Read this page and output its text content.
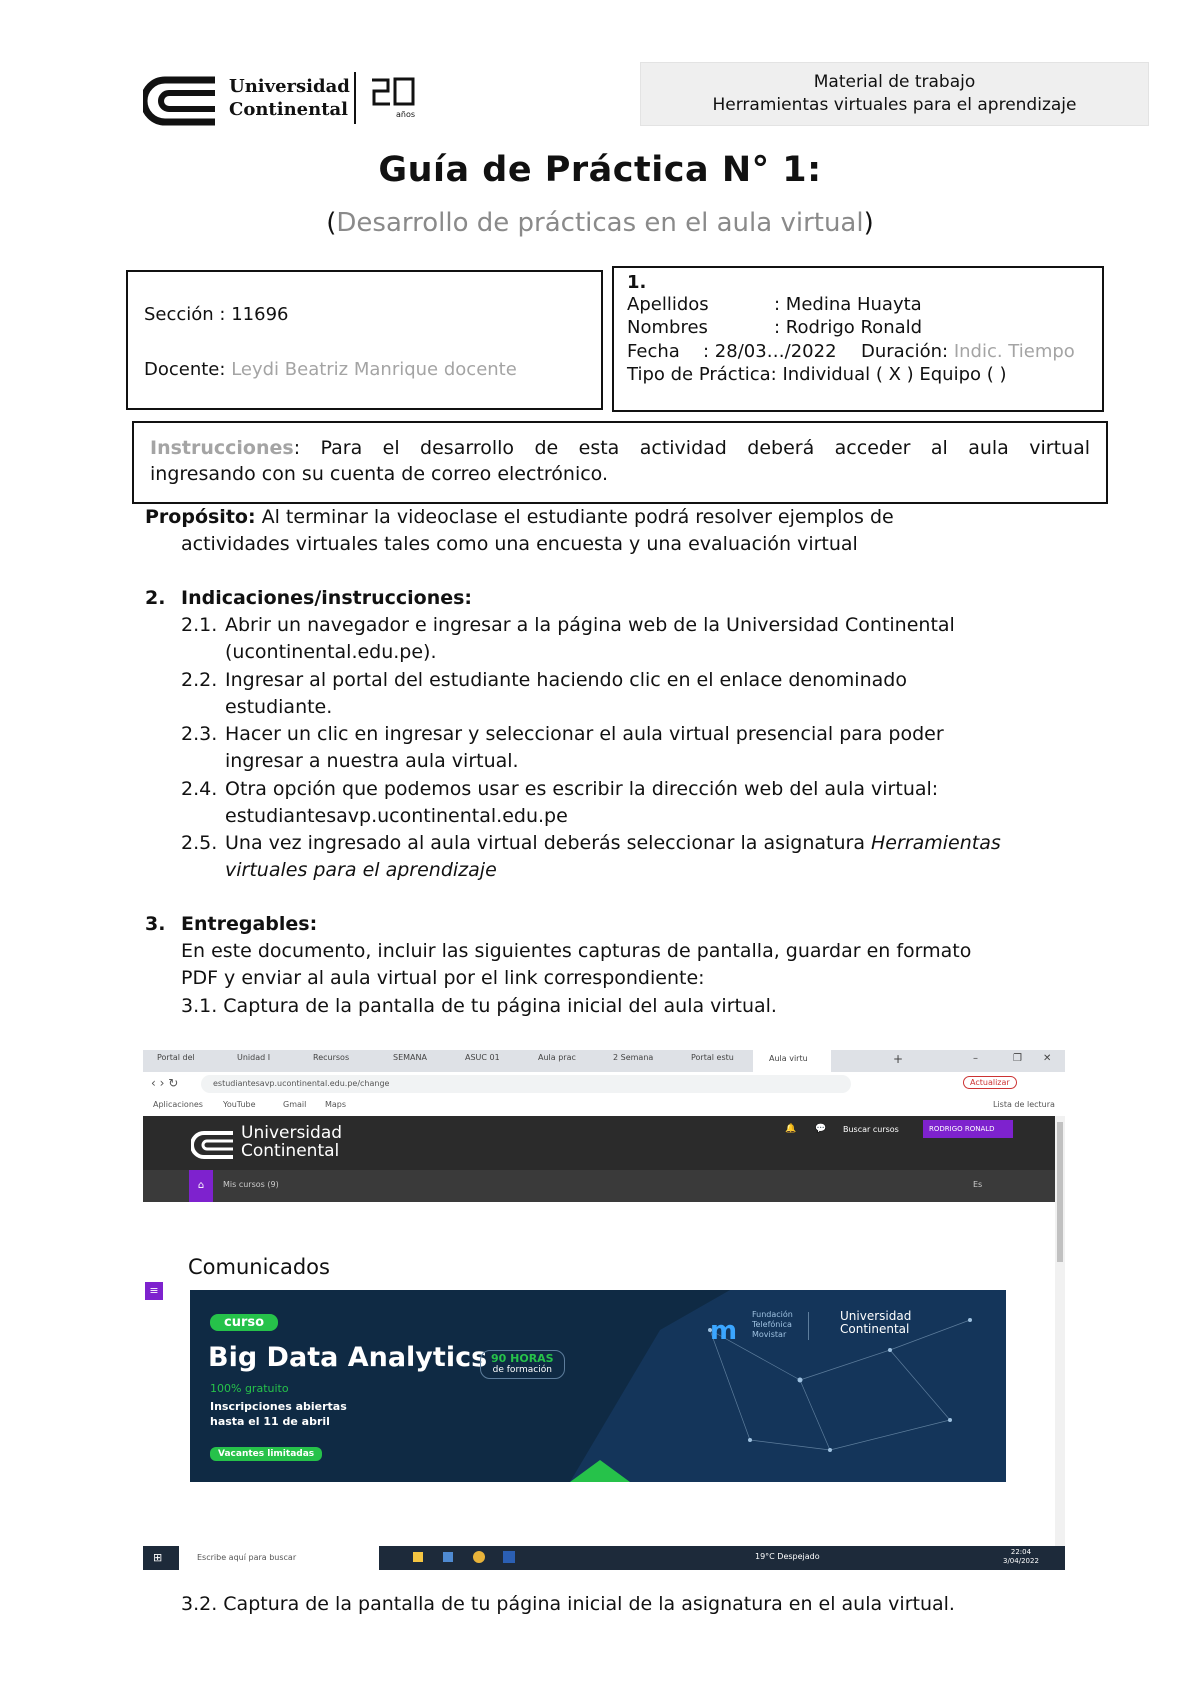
Universidad
Continental	años
Material de trabajo
Herramientas virtuales para el aprendizaje
Guía de Práctica N° 1:
(Desarrollo de prácticas en el aula virtual)
Sección : 11696
Docente: Leydi Beatriz Manrique docente
1.
Apellidos	: Medina Huayta
Nombres	: Rodrigo Ronald
Fecha : 28/03…/2022 Duración: Indic. Tiempo
Tipo de Práctica: Individual ( X ) Equipo ( )
Instrucciones: Para el desarrollo de esta actividad deberá acceder al aula virtual
ingresando con su cuenta de correo electrónico.
Propósito: Al terminar la videoclase el estudiante podrá resolver ejemplos de
actividades virtuales tales como una encuesta y una evaluación virtual
2. Indicaciones/instrucciones:
2.1. Abrir un navegador e ingresar a la página web de la Universidad Continental
(ucontinental.edu.pe).
2.2. Ingresar al portal del estudiante haciendo clic en el enlace denominado
estudiante.
2.3. Hacer un clic en ingresar y seleccionar el aula virtual presencial para poder
ingresar a nuestra aula virtual.
2.4. Otra opción que podemos usar es escribir la dirección web del aula virtual:
estudiantesavp.ucontinental.edu.pe
2.5. Una vez ingresado al aula virtual deberás seleccionar la asignatura Herramientas
virtuales para el aprendizaje
3. Entregables:
En este documento, incluir las siguientes capturas de pantalla, guardar en formato
PDF y enviar al aula virtual por el link correspondiente:
3.1. Captura de la pantalla de tu página inicial del aula virtual.
Portal del	Unidad I	Recursos	SEMANA	ASUC 01	Aula prac	2 Semana	Portal estu	Aula virtu	+	–	❐ ✕
‹ › ↻	estudiantesavp.ucontinental.edu.pe/change	Actualizar
Aplicaciones	YouTube	Gmail Maps	Lista de lectura
Universidad
Continental
🔔 💬 Buscar cursos	RODRIGO RONALD
⌂	Mis cursos (9)	Es
≡
Comunicados
curso
Big Data Analytics 90 HORAS
de formación
100% gratuito
Inscripciones abiertas
hasta el 11 de abril
Vacantes limitadas
m
Fundación
Telefónica
Movistar
Universidad
Continental
⊞	Escribe aquí para buscar	19°C Despejado	22:04
3/04/2022
3.2. Captura de la pantalla de tu página inicial de la asignatura en el aula virtual.
